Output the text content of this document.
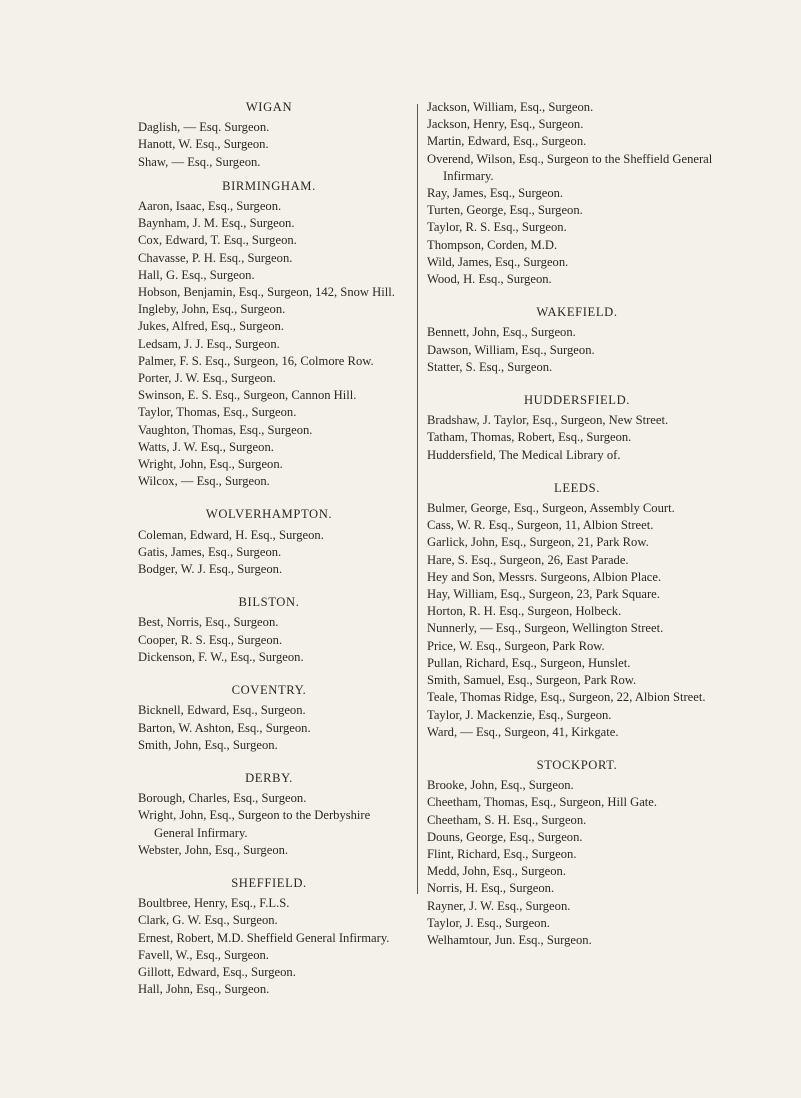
WIGAN
Daglish, — Esq. Surgeon.
Hanott, W. Esq., Surgeon.
Shaw, — Esq., Surgeon.
BIRMINGHAM.
Aaron, Isaac, Esq., Surgeon.
Baynham, J. M. Esq., Surgeon.
Cox, Edward, T. Esq., Surgeon.
Chavasse, P. H. Esq., Surgeon.
Hall, G. Esq., Surgeon.
Hobson, Benjamin, Esq., Surgeon, 142, Snow Hill.
Ingleby, John, Esq., Surgeon.
Jukes, Alfred, Esq., Surgeon.
Ledsam, J. J. Esq., Surgeon.
Palmer, F. S. Esq., Surgeon, 16, Colmore Row.
Porter, J. W. Esq., Surgeon.
Swinson, E. S. Esq., Surgeon, Cannon Hill.
Taylor, Thomas, Esq., Surgeon.
Vaughton, Thomas, Esq., Surgeon.
Watts, J. W. Esq., Surgeon.
Wright, John, Esq., Surgeon.
Wilcox, — Esq., Surgeon.
WOLVERHAMPTON.
Coleman, Edward, H. Esq., Surgeon.
Gatis, James, Esq., Surgeon.
Bodger, W. J. Esq., Surgeon.
BILSTON.
Best, Norris, Esq., Surgeon.
Cooper, R. S. Esq., Surgeon.
Dickenson, F. W., Esq., Surgeon.
COVENTRY.
Bicknell, Edward, Esq., Surgeon.
Barton, W. Ashton, Esq., Surgeon.
Smith, John, Esq., Surgeon.
DERBY.
Borough, Charles, Esq., Surgeon.
Wright, John, Esq., Surgeon to the Derbyshire General Infirmary.
Webster, John, Esq., Surgeon.
SHEFFIELD.
Boultbree, Henry, Esq., F.L.S.
Clark, G. W. Esq., Surgeon.
Ernest, Robert, M.D. Sheffield General Infirmary.
Favell, W., Esq., Surgeon.
Gillott, Edward, Esq., Surgeon.
Hall, John, Esq., Surgeon.
Jackson, William, Esq., Surgeon.
Jackson, Henry, Esq., Surgeon.
Martin, Edward, Esq., Surgeon.
Overend, Wilson, Esq., Surgeon to the Sheffield General Infirmary.
Ray, James, Esq., Surgeon.
Turten, George, Esq., Surgeon.
Taylor, R. S. Esq., Surgeon.
Thompson, Corden, M.D.
Wild, James, Esq., Surgeon.
Wood, H. Esq., Surgeon.
WAKEFIELD.
Bennett, John, Esq., Surgeon.
Dawson, William, Esq., Surgeon.
Statter, S. Esq., Surgeon.
HUDDERSFIELD.
Bradshaw, J. Taylor, Esq., Surgeon, New Street.
Tatham, Thomas, Robert, Esq., Surgeon.
Huddersfield, The Medical Library of.
LEEDS.
Bulmer, George, Esq., Surgeon, Assembly Court.
Cass, W. R. Esq., Surgeon, 11, Albion Street.
Garlick, John, Esq., Surgeon, 21, Park Row.
Hare, S. Esq., Surgeon, 26, East Parade.
Hey and Son, Messrs. Surgeons, Albion Place.
Hay, William, Esq., Surgeon, 23, Park Square.
Horton, R. H. Esq., Surgeon, Holbeck.
Nunnerly, — Esq., Surgeon, Wellington Street.
Price, W. Esq., Surgeon, Park Row.
Pullan, Richard, Esq., Surgeon, Hunslet.
Smith, Samuel, Esq., Surgeon, Park Row.
Teale, Thomas Ridge, Esq., Surgeon, 22, Albion Street.
Taylor, J. Mackenzie, Esq., Surgeon.
Ward, — Esq., Surgeon, 41, Kirkgate.
STOCKPORT.
Brooke, John, Esq., Surgeon.
Cheetham, Thomas, Esq., Surgeon, Hill Gate.
Cheetham, S. H. Esq., Surgeon.
Douns, George, Esq., Surgeon.
Flint, Richard, Esq., Surgeon.
Medd, John, Esq., Surgeon.
Norris, H. Esq., Surgeon.
Rayner, J. W. Esq., Surgeon.
Taylor, J. Esq., Surgeon.
Welhamtour, Jun. Esq., Surgeon.
